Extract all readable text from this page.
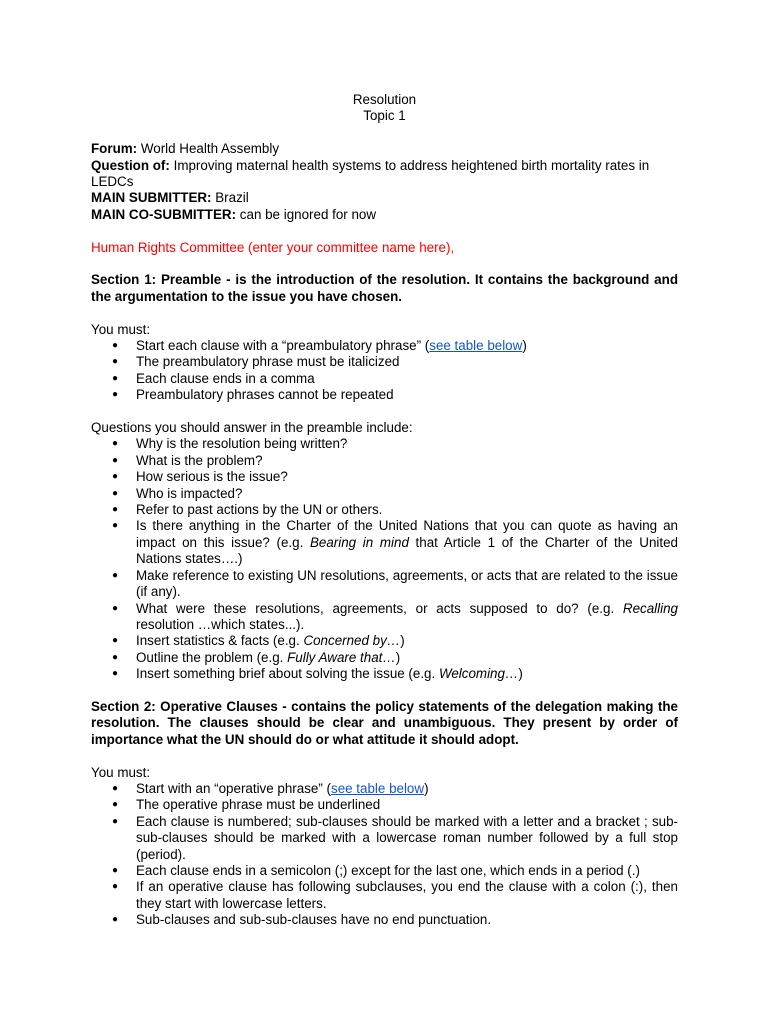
Resolution

Topic 1

Forum: World Health Assembly

Question of: Improving maternal health systems to address heightened birth mortality rates in LEDCs

MAIN SUBMITTER: Brazil

MAIN CO-SUBMITTER: can be ignored for now

Human Rights Committee (enter your committee name here),

Section 1: Preamble - is the introduction of the resolution. It contains the background and the argumentation to the issue you have chosen.

You must:

● Start each clause with a “preambulatory phrase” (see table below)
● The preambulatory phrase must be italicized
● Each clause ends in a comma
● Preambulatory phrases cannot be repeated

Questions you should answer in the preamble include:

● Why is the resolution being written?
● What is the problem?
● How serious is the issue?
● Who is impacted?
● Refer to past actions by the UN or others.
● Is there anything in the Charter of the United Nations that you can quote as having an impact on this issue? (e.g. Bearing in mind that Article 1 of the Charter of the United Nations states….)
● Make reference to existing UN resolutions, agreements, or acts that are related to the issue (if any).
● What were these resolutions, agreements, or acts supposed to do? (e.g. Recalling resolution …which states...).
● Insert statistics & facts (e.g. Concerned by…)
● Outline the problem (e.g. Fully Aware that…)
● Insert something brief about solving the issue (e.g. Welcoming…)

Section 2: Operative Clauses - contains the policy statements of the delegation making the resolution. The clauses should be clear and unambiguous. They present by order of importance what the UN should do or what attitude it should adopt.

You must:

● Start with an “operative phrase” (see table below)
● The operative phrase must be underlined
● Each clause is numbered; sub-clauses should be marked with a letter and a bracket ; sub-sub-clauses should be marked with a lowercase roman number followed by a full stop (period).
● Each clause ends in a semicolon (;) except for the last one, which ends in a period (.)
● If an operative clause has following subclauses, you end the clause with a colon (:), then they start with lowercase letters.
● Sub-clauses and sub-sub-clauses have no end punctuation.
